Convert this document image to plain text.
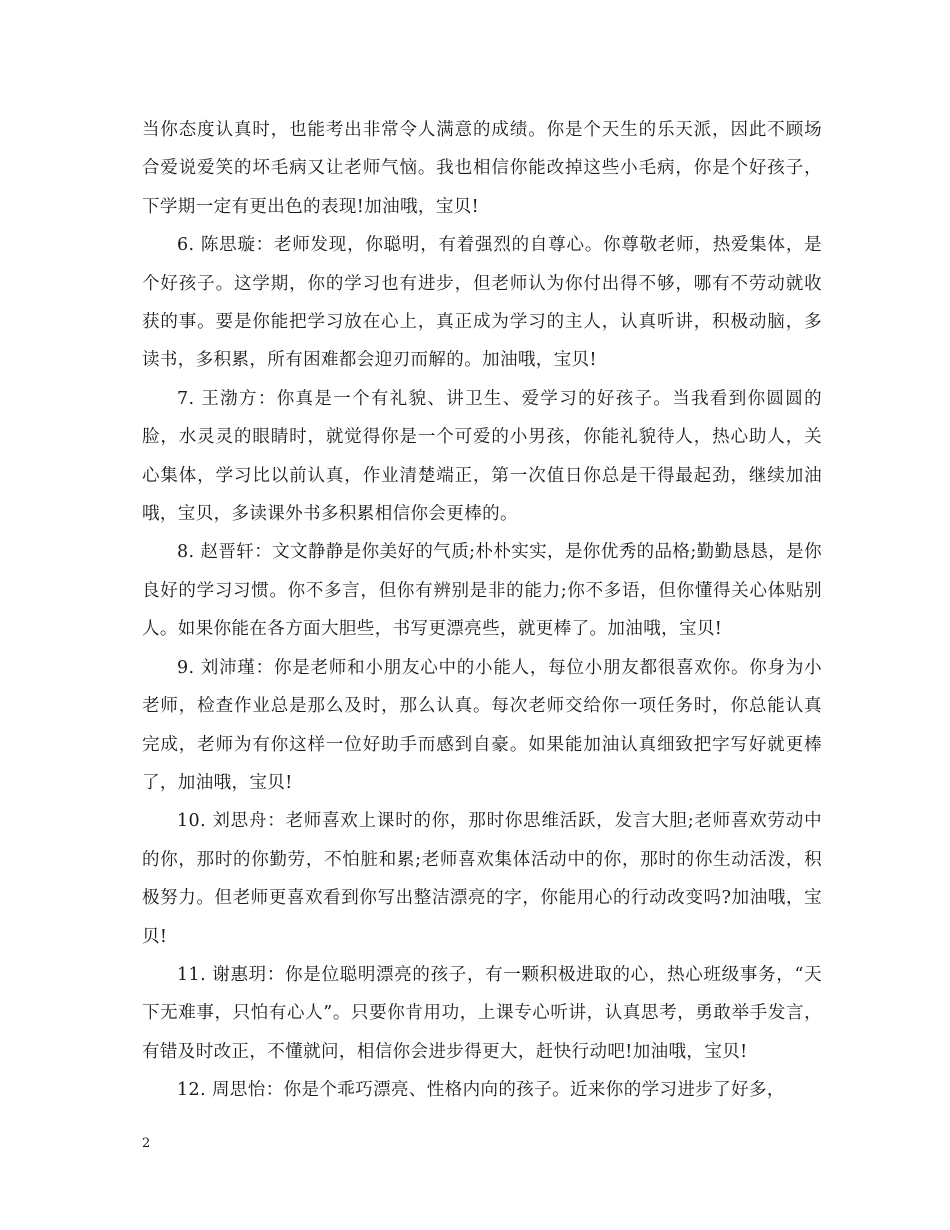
当你态度认真时，也能考出非常令人满意的成绩。你是个天生的乐天派，因此不顾场合爱说爱笑的坏毛病又让老师气恼。我也相信你能改掉这些小毛病，你是个好孩子，下学期一定有更出色的表现!加油哦，宝贝!

6. 陈思璇：老师发现，你聪明，有着强烈的自尊心。你尊敬老师，热爱集体，是个好孩子。这学期，你的学习也有进步，但老师认为你付出得不够，哪有不劳动就收获的事。要是你能把学习放在心上，真正成为学习的主人，认真听讲，积极动脑，多读书，多积累，所有困难都会迎刃而解的。加油哦，宝贝!

7. 王渤方：你真是一个有礼貌、讲卫生、爱学习的好孩子。当我看到你圆圆的脸，水灵灵的眼睛时，就觉得你是一个可爱的小男孩，你能礼貌待人，热心助人，关心集体，学习比以前认真，作业清楚端正，第一次值日你总是干得最起劲，继续加油哦，宝贝，多读课外书多积累相信你会更棒的。

8. 赵晋轩：文文静静是你美好的气质;朴朴实实，是你优秀的品格;勤勤恳恳，是你良好的学习习惯。你不多言，但你有辨别是非的能力;你不多语，但你懂得关心体贴别人。如果你能在各方面大胆些，书写更漂亮些，就更棒了。加油哦，宝贝!

9. 刘沛瑾：你是老师和小朋友心中的小能人，每位小朋友都很喜欢你。你身为小老师，检查作业总是那么及时，那么认真。每次老师交给你一项任务时，你总能认真完成，老师为有你这样一位好助手而感到自豪。如果能加油认真细致把字写好就更棒了，加油哦，宝贝!

10. 刘思舟：老师喜欢上课时的你，那时你思维活跃，发言大胆;老师喜欢劳动中的你，那时的你勤劳，不怕脏和累;老师喜欢集体活动中的你，那时的你生动活泼，积极努力。但老师更喜欢看到你写出整洁漂亮的字，你能用心的行动改变吗?加油哦，宝贝!

11. 谢惠玥：你是位聪明漂亮的孩子，有一颗积极进取的心，热心班级事务，“天下无难事，只怕有心人”。只要你肯用功，上课专心听讲，认真思考，勇敢举手发言，有错及时改正，不懂就问，相信你会进步得更大，赶快行动吧!加油哦，宝贝!

12. 周思怡：你是个乖巧漂亮、性格内向的孩子。近来你的学习进步了好多，

2
